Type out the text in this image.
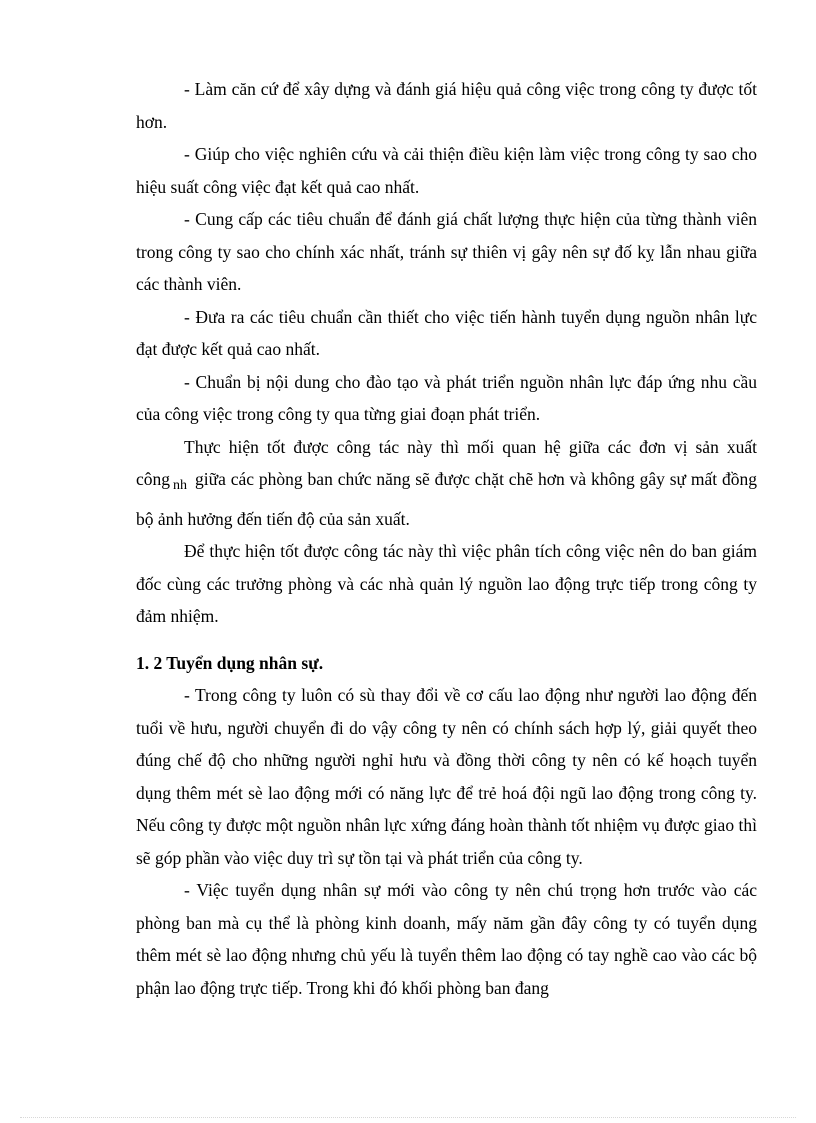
- Làm căn cứ để xây dựng và đánh giá hiệu quả công việc trong công ty được tốt hơn.

- Giúp cho việc nghiên cứu và cải thiện điều kiện làm việc trong công ty sao cho hiệu suất công việc đạt kết quả cao nhất.

- Cung cấp các tiêu chuẩn để đánh giá chất lượng thực hiện của từng thành viên trong công ty sao cho chính xác nhất, tránh sự thiên vị gây nên sự đố kỵ lẫn nhau giữa các thành viên.

- Đưa ra các tiêu chuẩn cần thiết cho việc tiến hành tuyển dụng nguồn nhân lực đạt được kết quả cao nhất.

- Chuẩn bị nội dung cho đào tạo và phát triển nguồn nhân lực đáp ứng nhu cầu của công việc trong công ty qua từng giai đoạn phát triển.

Thực hiện tốt được công tác này thì mối quan hệ giữa các đơn vị sản xuất công $_{nh}$ giữa các phòng ban chức năng sẽ được chặt chẽ hơn và không gây sự mất đồng bộ ảnh hưởng đến tiến độ của sản xuất.

Để thực hiện tốt được công tác này thì việc phân tích công việc nên do ban giám đốc cùng các trưởng phòng và các nhà quản lý nguồn lao động trực tiếp trong công ty đảm nhiệm.

1. 2 Tuyển dụng nhân sự.

- Trong công ty luôn có sù thay đổi về cơ cấu lao động như người lao động đến tuổi về hưu, người chuyển đi do vậy công ty nên có chính sách hợp lý, giải quyết theo đúng chế độ cho những người nghỉ hưu và đồng thời công ty nên có kế hoạch tuyển dụng thêm mét sè lao động mới có năng lực để trẻ hoá đội ngũ lao động trong công ty. Nếu công ty được một nguồn nhân lực xứng đáng hoàn thành tốt nhiệm vụ được giao thì sẽ góp phần vào việc duy trì sự tồn tại và phát triển của công ty.

- Việc tuyển dụng nhân sự mới vào công ty nên chú trọng hơn trước vào các phòng ban mà cụ thể là phòng kinh doanh, mấy năm gần đây công ty có tuyển dụng thêm mét sè lao động nhưng chủ yếu là tuyển thêm lao động có tay nghề cao vào các bộ phận lao động trực tiếp. Trong khi đó khối phòng ban đang
